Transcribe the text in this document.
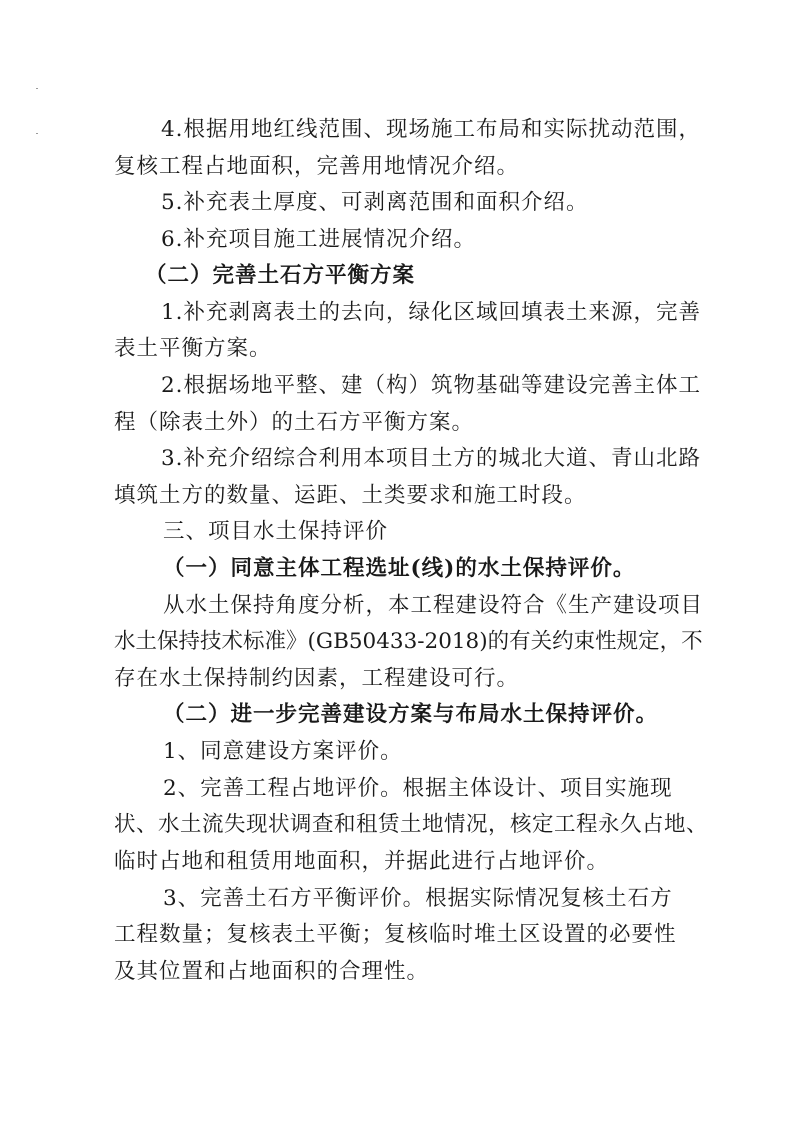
4.根据用地红线范围、现场施工布局和实际扰动范围，
复核工程占地面积，完善用地情况介绍。
5.补充表土厚度、可剥离范围和面积介绍。
6.补充项目施工进展情况介绍。
（二）完善土石方平衡方案
1.补充剥离表土的去向，绿化区域回填表土来源，完善
表土平衡方案。
2.根据场地平整、建（构）筑物基础等建设完善主体工
程（除表土外）的土石方平衡方案。
3.补充介绍综合利用本项目土方的城北大道、青山北路
填筑土方的数量、运距、土类要求和施工时段。
三、项目水土保持评价
（一）同意主体工程选址(线)的水土保持评价。
从水土保持角度分析，本工程建设符合《生产建设项目
水土保持技术标准》(GB50433-2018)的有关约束性规定，不
存在水土保持制约因素，工程建设可行。
（二）进一步完善建设方案与布局水土保持评价。
1、同意建设方案评价。
2、完善工程占地评价。根据主体设计、项目实施现
状、水土流失现状调查和租赁土地情况，核定工程永久占地、
临时占地和租赁用地面积，并据此进行占地评价。
3、完善土石方平衡评价。根据实际情况复核土石方
工程数量；复核表土平衡；复核临时堆土区设置的必要性
及其位置和占地面积的合理性。
